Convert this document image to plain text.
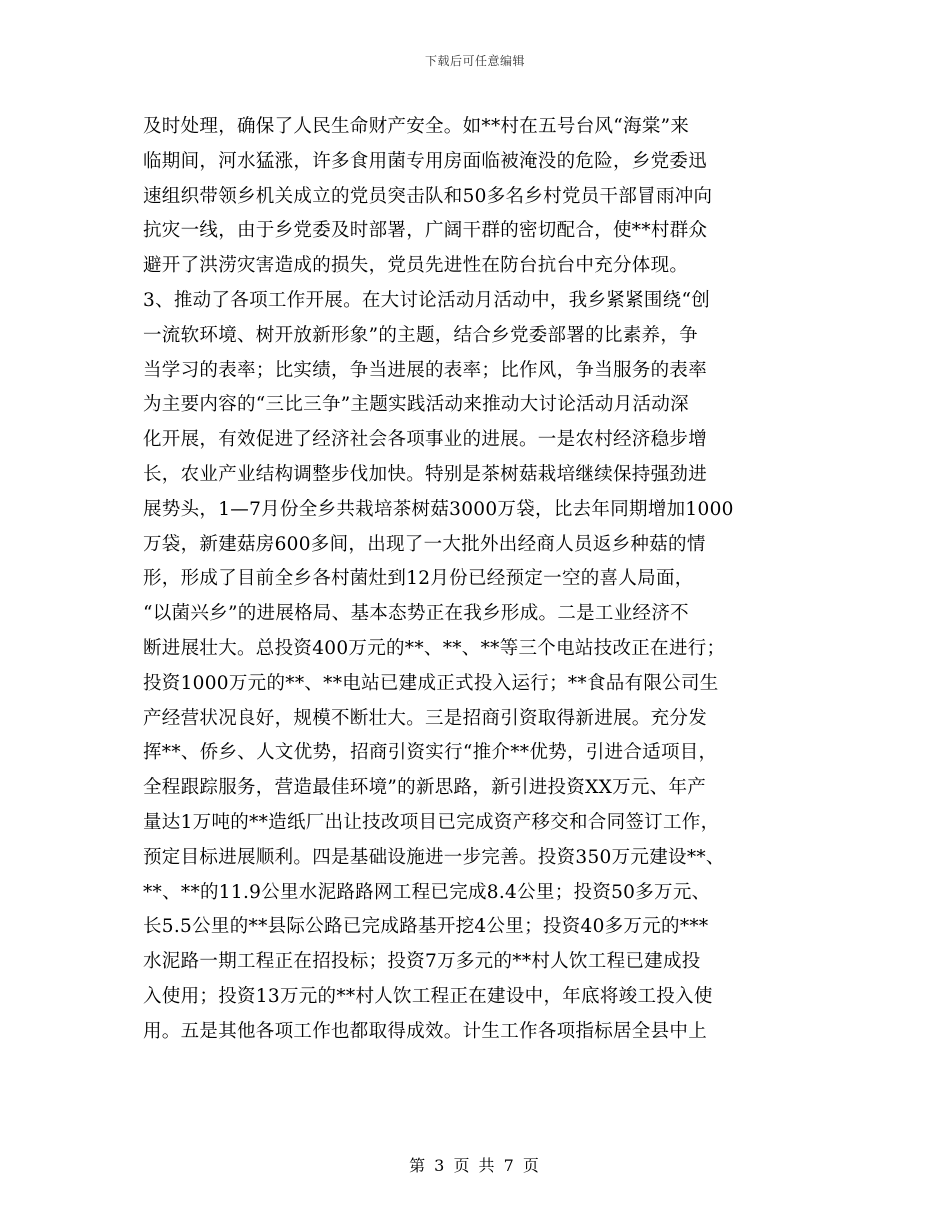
下载后可任意编辑
及时处理，确保了人民生命财产安全。如**村在五号台风“海棠”来
临期间，河水猛涨，许多食用菌专用房面临被淹没的危险，乡党委迅
速组织带领乡机关成立的党员突击队和50多名乡村党员干部冒雨冲向
抗灾一线，由于乡党委及时部署，广阔干群的密切配合，使**村群众
避开了洪涝灾害造成的损失，党员先进性在防台抗台中充分体现。
3、推动了各项工作开展。在大讨论活动月活动中，我乡紧紧围绕“创
一流软环境、树开放新形象”的主题，结合乡党委部署的比素养，争
当学习的表率；比实绩，争当进展的表率；比作风，争当服务的表率
为主要内容的“三比三争”主题实践活动来推动大讨论活动月活动深
化开展，有效促进了经济社会各项事业的进展。一是农村经济稳步增
长，农业产业结构调整步伐加快。特别是茶树菇栽培继续保持强劲进
展势头，1—7月份全乡共栽培茶树菇3000万袋，比去年同期增加1000
万袋，新建菇房600多间，出现了一大批外出经商人员返乡种菇的情
形，形成了目前全乡各村菌灶到12月份已经预定一空的喜人局面，
“以菌兴乡”的进展格局、基本态势正在我乡形成。二是工业经济不
断进展壮大。总投资400万元的**、**、**等三个电站技改正在进行；
投资1000万元的**、**电站已建成正式投入运行；**食品有限公司生
产经营状况良好，规模不断壮大。三是招商引资取得新进展。充分发
挥**、侨乡、人文优势，招商引资实行“推介**优势，引进合适项目，
全程跟踪服务，营造最佳环境”的新思路，新引进投资XX万元、年产
量达1万吨的**造纸厂出让技改项目已完成资产移交和合同签订工作，
预定目标进展顺利。四是基础设施进一步完善。投资350万元建设**、
**、**的11.9公里水泥路路网工程已完成8.4公里；投资50多万元、
长5.5公里的**县际公路已完成路基开挖4公里；投资40多万元的***
水泥路一期工程正在招投标；投资7万多元的**村人饮工程已建成投
入使用；投资13万元的**村人饮工程正在建设中，年底将竣工投入使
用。五是其他各项工作也都取得成效。计生工作各项指标居全县中上
第 3 页 共 7 页
